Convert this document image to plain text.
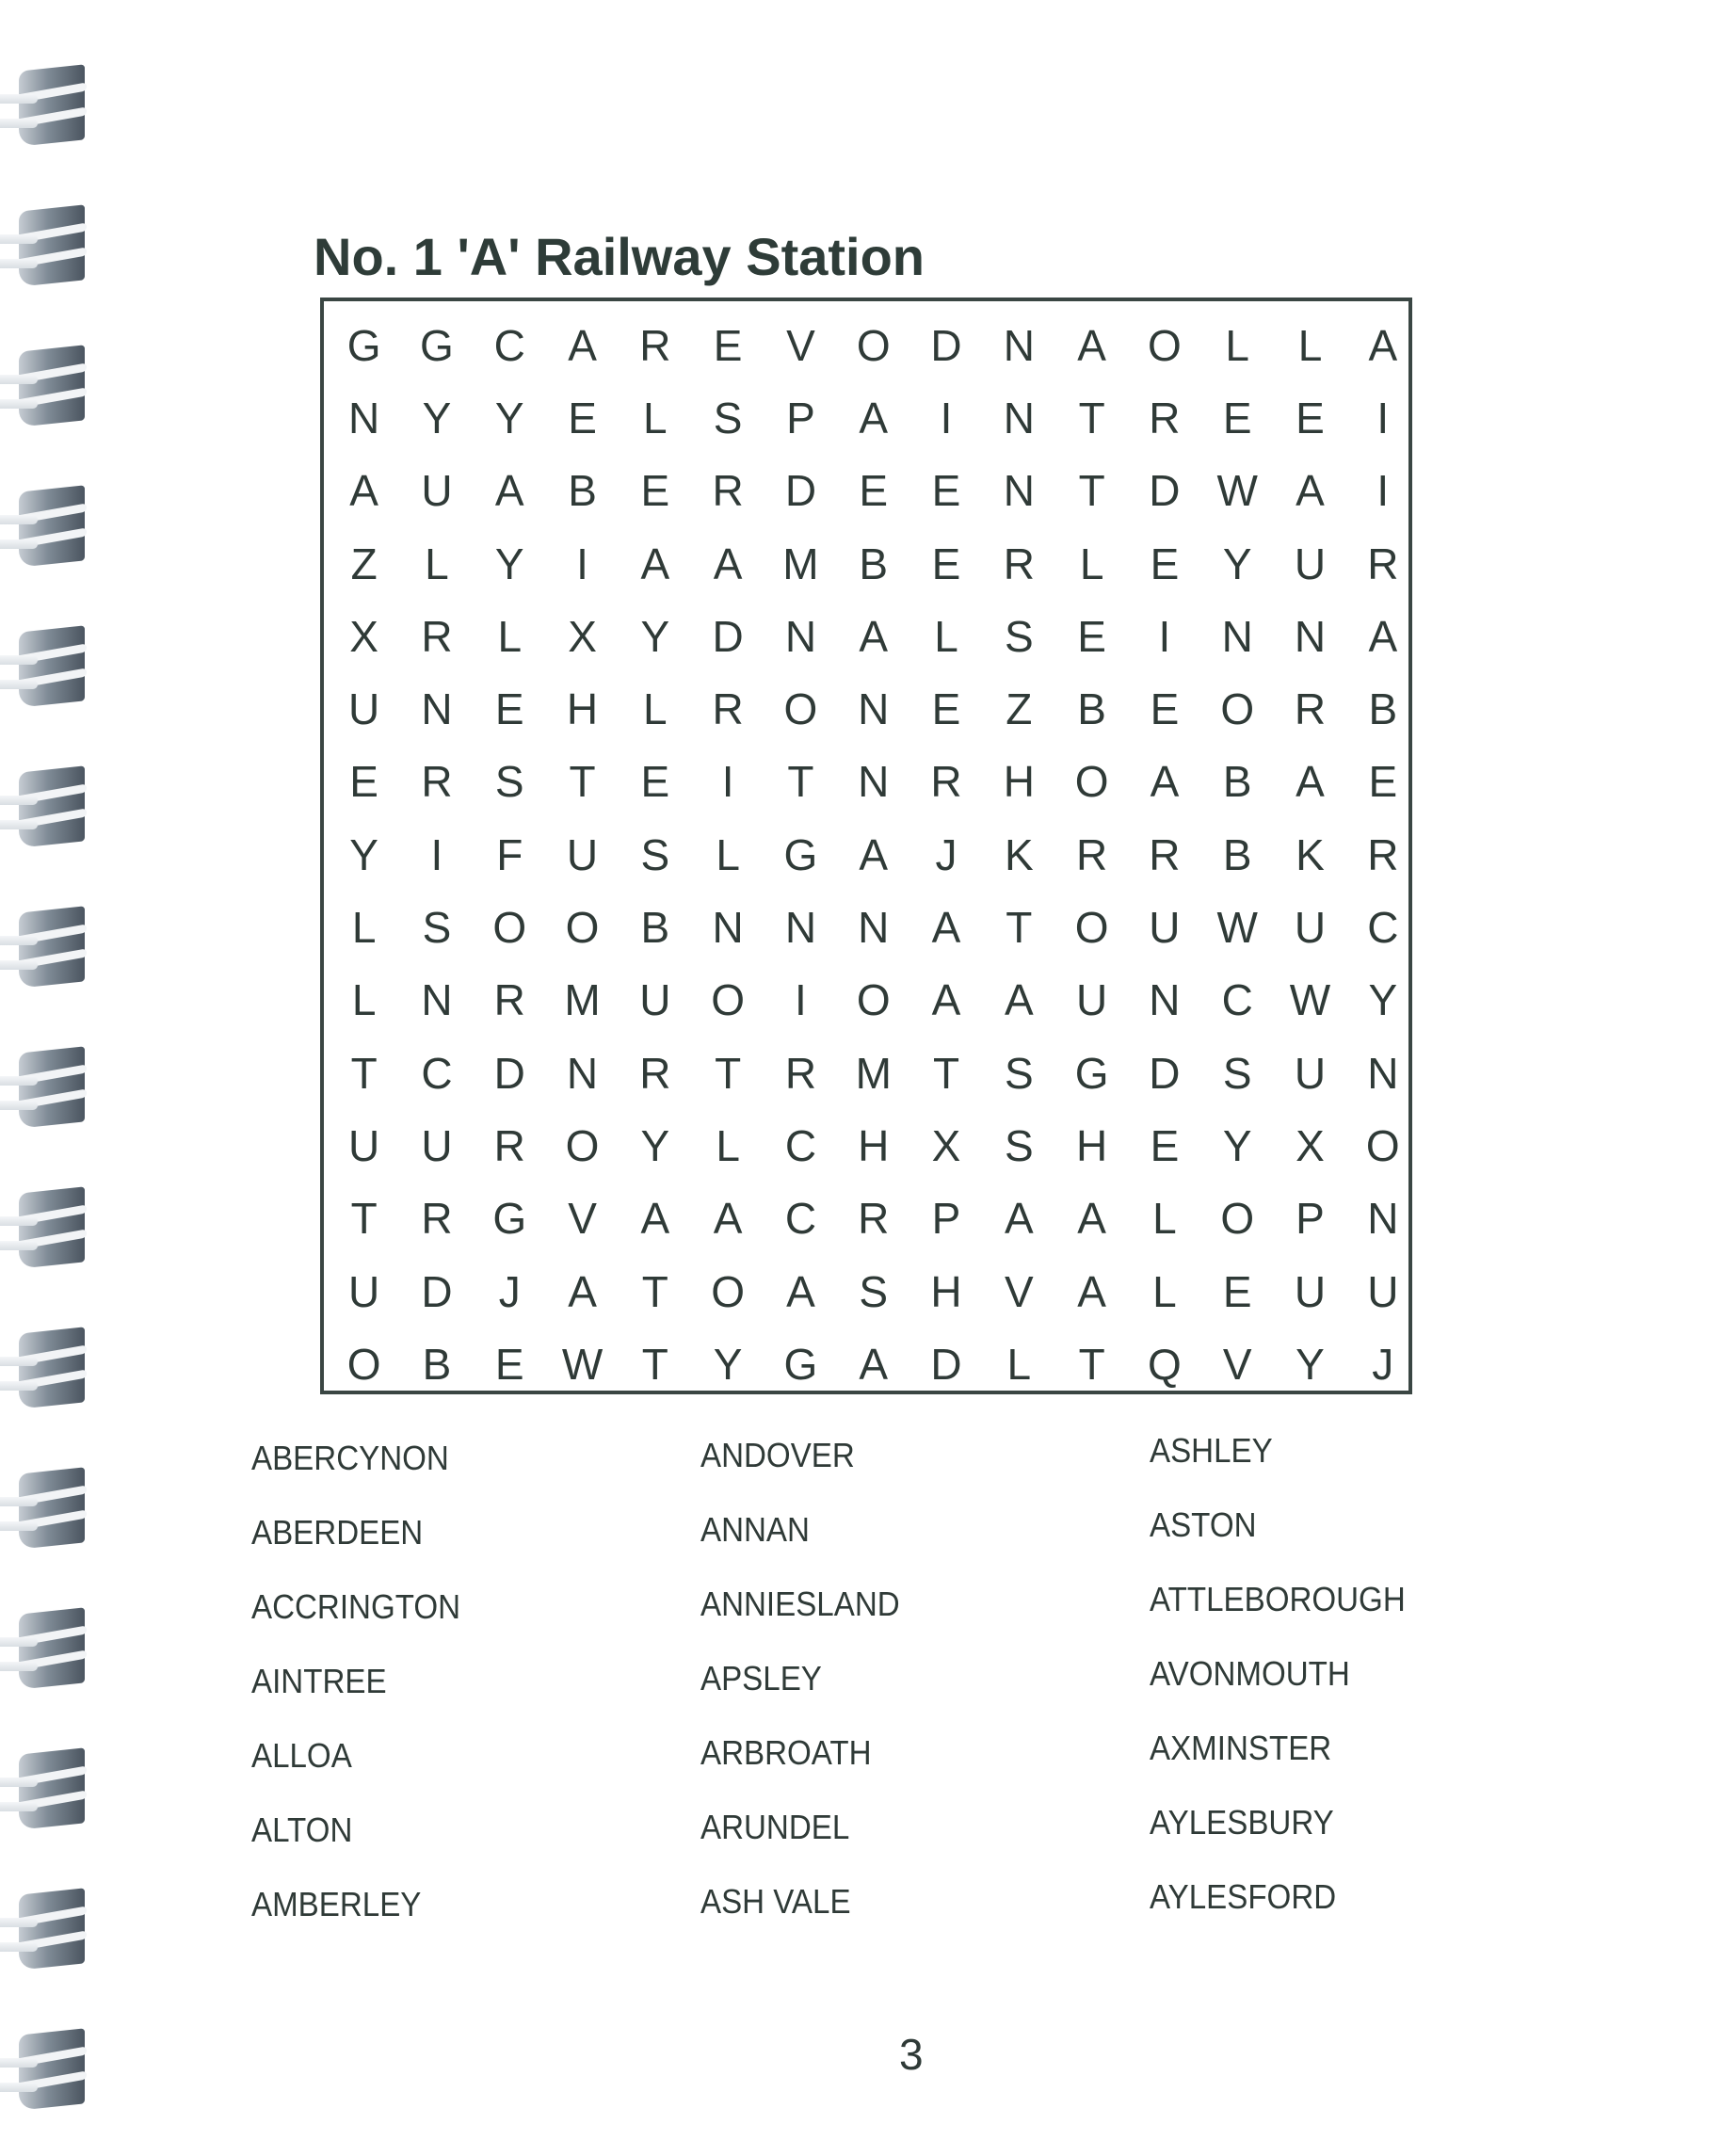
No. 1 'A' Railway Station
G G C A R E	V O D N A O	L	L	A
N Y	Y	E	L	S	P	A	I	N	T	R E	E	I
A U A	B	E R D E	E N	T	D W A	I
Z	L	Y	I	A	A M B	E R	L	E	Y U R
X R	L	X	Y D N A	L	S	E	I	N N A
U N E H	L	R O N E	Z	B	E O R B
E R S	T	E	I	T	N R H O A	B	A	E
Y	I	F	U S	L	G A	J	K R R B	K R
L	S O O B N N N A	T O U W U C
L	N R M U O	I	O A	A U N C W Y
T	C D N R	T	R M T	S G D S U N
U U R O Y	L	C H X	S H E	Y	X O
T	R G V	A	A C R P	A	A	L	O P N
U D	J	A	T O A	S H V	A	L	E U U
O B	E W T	Y G A D	L	T Q V	Y	J
ABERCYNON
ABERDEEN
ACCRINGTON
AINTREE
ALLOA
ALTON
AMBERLEY
ANDOVER
ANNAN
ANNIESLAND
APSLEY
ARBROATH
ARUNDEL
ASH VALE
ASHLEY
ASTON
ATTLEBOROUGH
AVONMOUTH
AXMINSTER
AYLESBURY
AYLESFORD
3
